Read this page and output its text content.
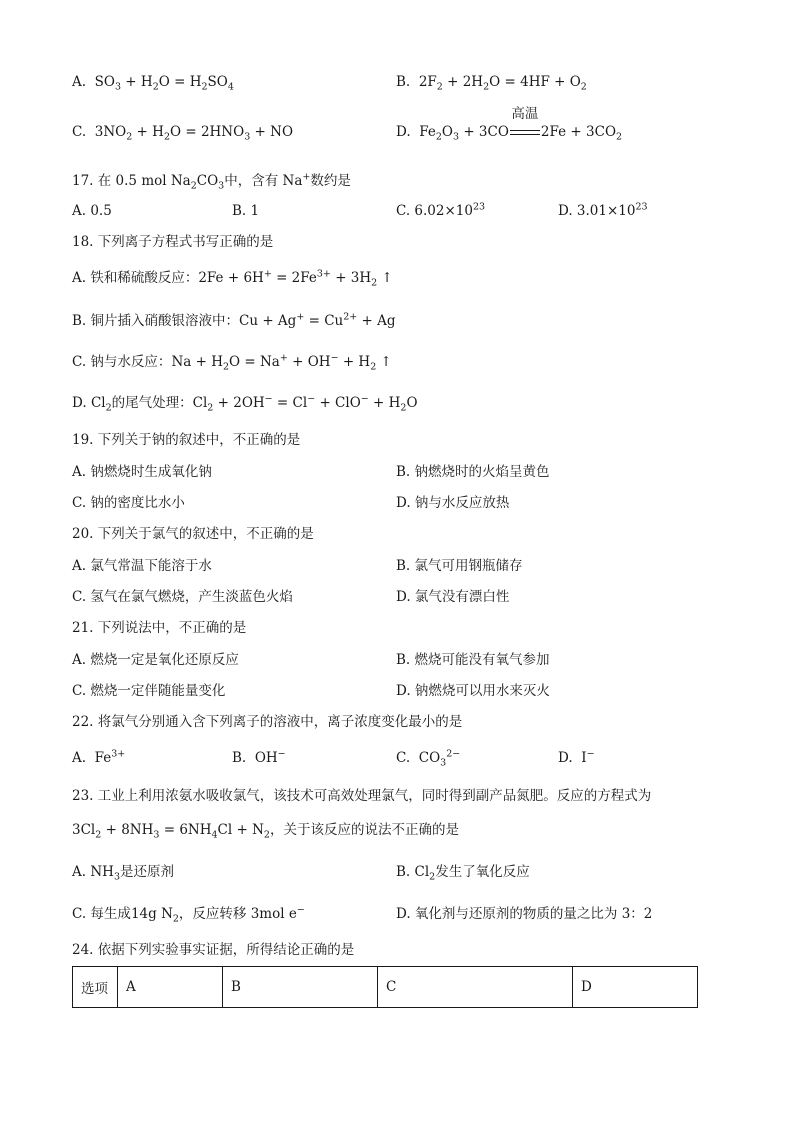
A. $SO_3 + H_2O = H_2SO_4$	B. $2F_2 + 2H_2O = 4HF + O_2$
C. $3NO_2 + H_2O = 2HNO_3$ + NO	D. $Fe_2O_3 + 3CO$
高温
$2Fe + 3CO_2$
17. 在 0.5 mol $Na_2CO_3$中，含有 Na+数约是
A. 0.5	B. 1	C. $6.02\times 10^{23}$	D. $3.01\times 10^{23}$
18. 下列离子方程式书写正确的是
A. 铁和稀硫酸反应：$2Fe + 6H^+ = 2Fe^{3+} + 3H_2$ ↑
B. 铜片插入硝酸银溶液中：$Cu + Ag^+ = Cu^{2+} + Ag$
C. 钠与水反应：$Na + H_2O = Na^+ + OH^- + H_2$ ↑
D. $Cl_2$的尾气处理：$Cl_2 + 2OH^- = Cl^- + ClO^- + H_2O$
19. 下列关于钠的叙述中，不正确的是
A. 钠燃烧时生成氧化钠	B. 钠燃烧时的火焰呈黄色
C. 钠的密度比水小	D. 钠与水反应放热
20. 下列关于氯气的叙述中，不正确的是
A. 氯气常温下能溶于水	B. 氯气可用钢瓶储存
C. 氢气在氯气燃烧，产生淡蓝色火焰	D. 氯气没有漂白性
21. 下列说法中，不正确的是
A. 燃烧一定是氧化还原反应	B. 燃烧可能没有氧气参加
C. 燃烧一定伴随能量变化	D. 钠燃烧可以用水来灭火
22. 将氯气分别通入含下列离子的溶液中，离子浓度变化最小的是
A. $Fe^{3+}$	B. OH−	C. $CO_3^{2-}$	D. I−
23. 工业上利用浓氨水吸收氯气，该技术可高效处理氯气，同时得到副产品氮肥。反应的方程式为
$3Cl_2 + 8NH_3 = 6NH_4Cl + N_2$，关于该反应的说法不正确的是
A. $NH_3$是还原剂	B. $Cl_2$发生了氧化反应
C. 每生成14g $N_2$，反应转移 3mol e−	D. 氧化剂与还原剂的物质的量之比为 3：2
24. 依据下列实验事实证据，所得结论正确的是
选项	A	B	C	D
